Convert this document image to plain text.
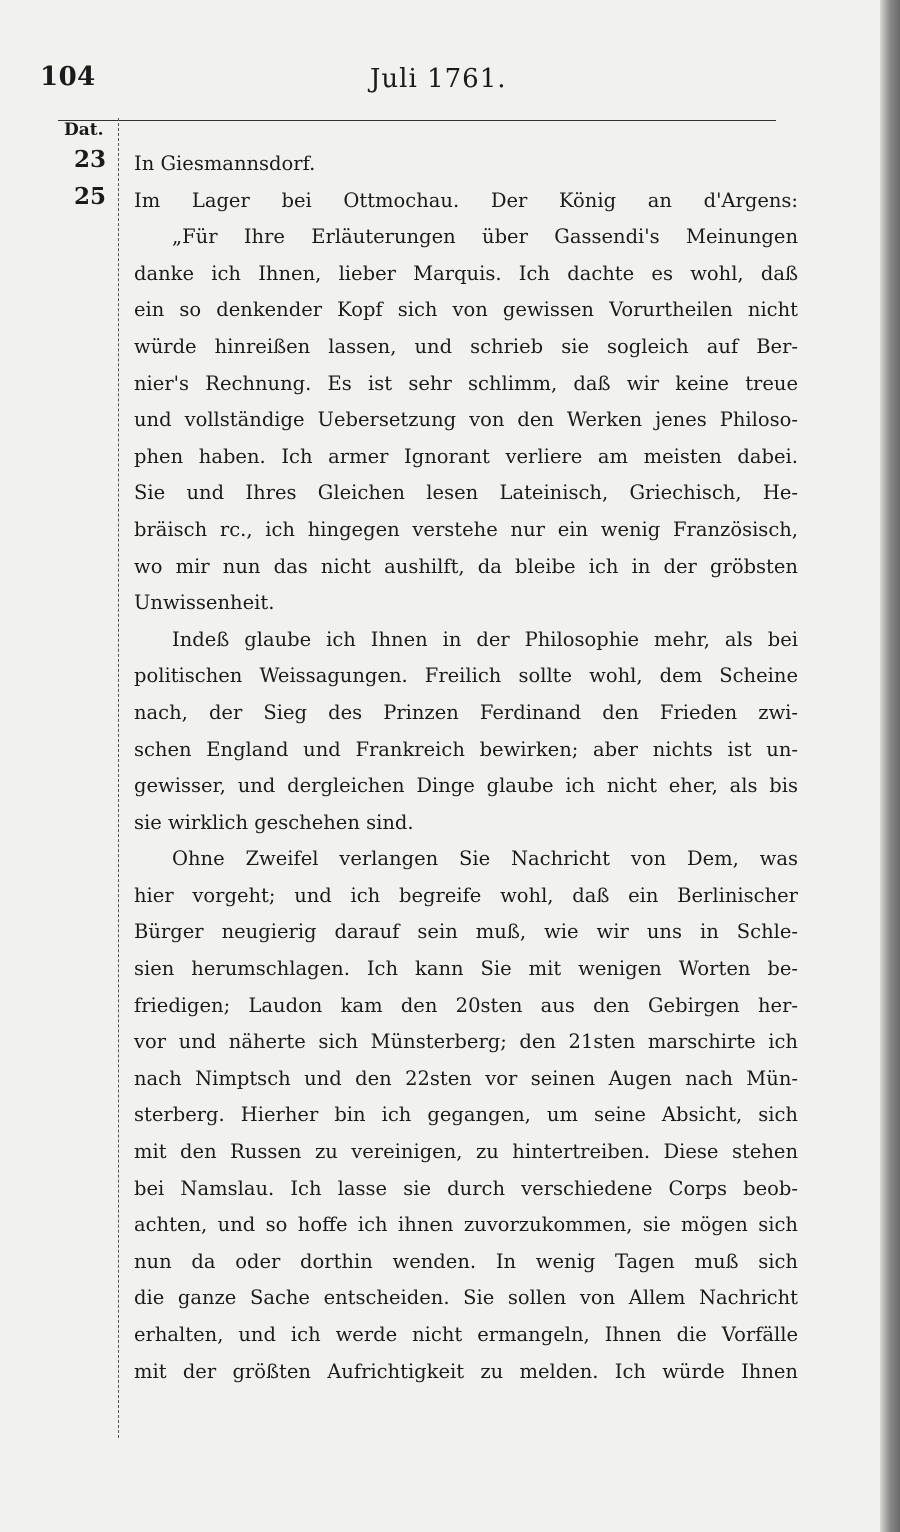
104	Juli 1761.
Dat.
23
25
In Giesmannsdorf.
Im Lager bei Ottmochau. Der König an d'Argens:
„Für Ihre Erläuterungen über Gassendi's Meinungen
danke ich Ihnen, lieber Marquis. Ich dachte es wohl, daß
ein so denkender Kopf sich von gewissen Vorurtheilen nicht
würde hinreißen lassen, und schrieb sie sogleich auf Ber-
nier's Rechnung. Es ist sehr schlimm, daß wir keine treue
und vollständige Uebersetzung von den Werken jenes Philoso-
phen haben. Ich armer Ignorant verliere am meisten dabei.
Sie und Ihres Gleichen lesen Lateinisch, Griechisch, He-
bräisch rc., ich hingegen verstehe nur ein wenig Französisch,
wo mir nun das nicht aushilft, da bleibe ich in der gröbsten
Unwissenheit.
Indeß glaube ich Ihnen in der Philosophie mehr, als bei
politischen Weissagungen. Freilich sollte wohl, dem Scheine
nach, der Sieg des Prinzen Ferdinand den Frieden zwi-
schen England und Frankreich bewirken; aber nichts ist un-
gewisser, und dergleichen Dinge glaube ich nicht eher, als bis
sie wirklich geschehen sind.
Ohne Zweifel verlangen Sie Nachricht von Dem, was
hier vorgeht; und ich begreife wohl, daß ein Berlinischer
Bürger neugierig darauf sein muß, wie wir uns in Schle-
sien herumschlagen. Ich kann Sie mit wenigen Worten be-
friedigen; Laudon kam den 20sten aus den Gebirgen her-
vor und näherte sich Münsterberg; den 21sten marschirte ich
nach Nimptsch und den 22sten vor seinen Augen nach Mün-
sterberg. Hierher bin ich gegangen, um seine Absicht, sich
mit den Russen zu vereinigen, zu hintertreiben. Diese stehen
bei Namslau. Ich lasse sie durch verschiedene Corps beob-
achten, und so hoffe ich ihnen zuvorzukommen, sie mögen sich
nun da oder dorthin wenden. In wenig Tagen muß sich
die ganze Sache entscheiden. Sie sollen von Allem Nachricht
erhalten, und ich werde nicht ermangeln, Ihnen die Vorfälle
mit der größten Aufrichtigkeit zu melden. Ich würde Ihnen
